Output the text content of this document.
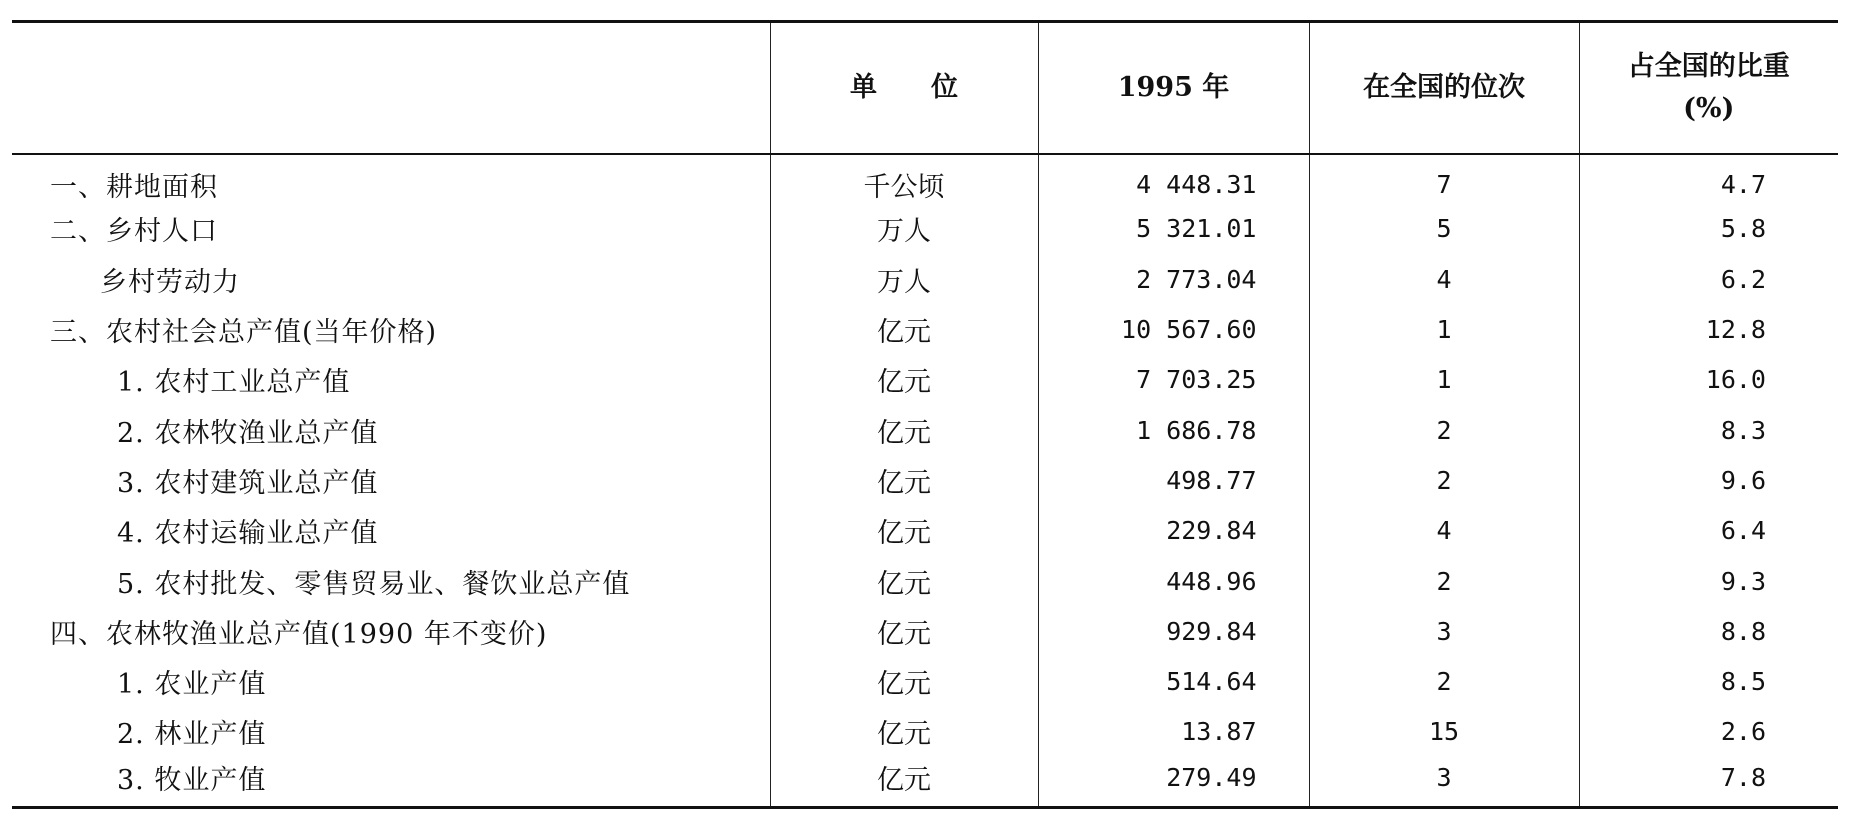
	单　　位	1995 年	在全国的位次	占全国的比重
(%)

一、耕地面积	千公顷	4 448.31	7	4.7
二、乡村人口	万人	5 321.01	5	5.8
乡村劳动力	万人	2 773.04	4	6.2
三、农村社会总产值(当年价格)	亿元	10 567.60	1	12.8
1. 农村工业总产值	亿元	7 703.25	1	16.0
2. 农林牧渔业总产值	亿元	1 686.78	2	8.3
3. 农村建筑业总产值	亿元	498.77	2	9.6
4. 农村运输业总产值	亿元	229.84	4	6.4
5. 农村批发、零售贸易业、餐饮业总产值	亿元	448.96	2	9.3
四、农林牧渔业总产值(1990 年不变价)	亿元	929.84	3	8.8
1. 农业产值	亿元	514.64	2	8.5
2. 林业产值	亿元	13.87	15	2.6
3. 牧业产值	亿元	279.49	3	7.8
